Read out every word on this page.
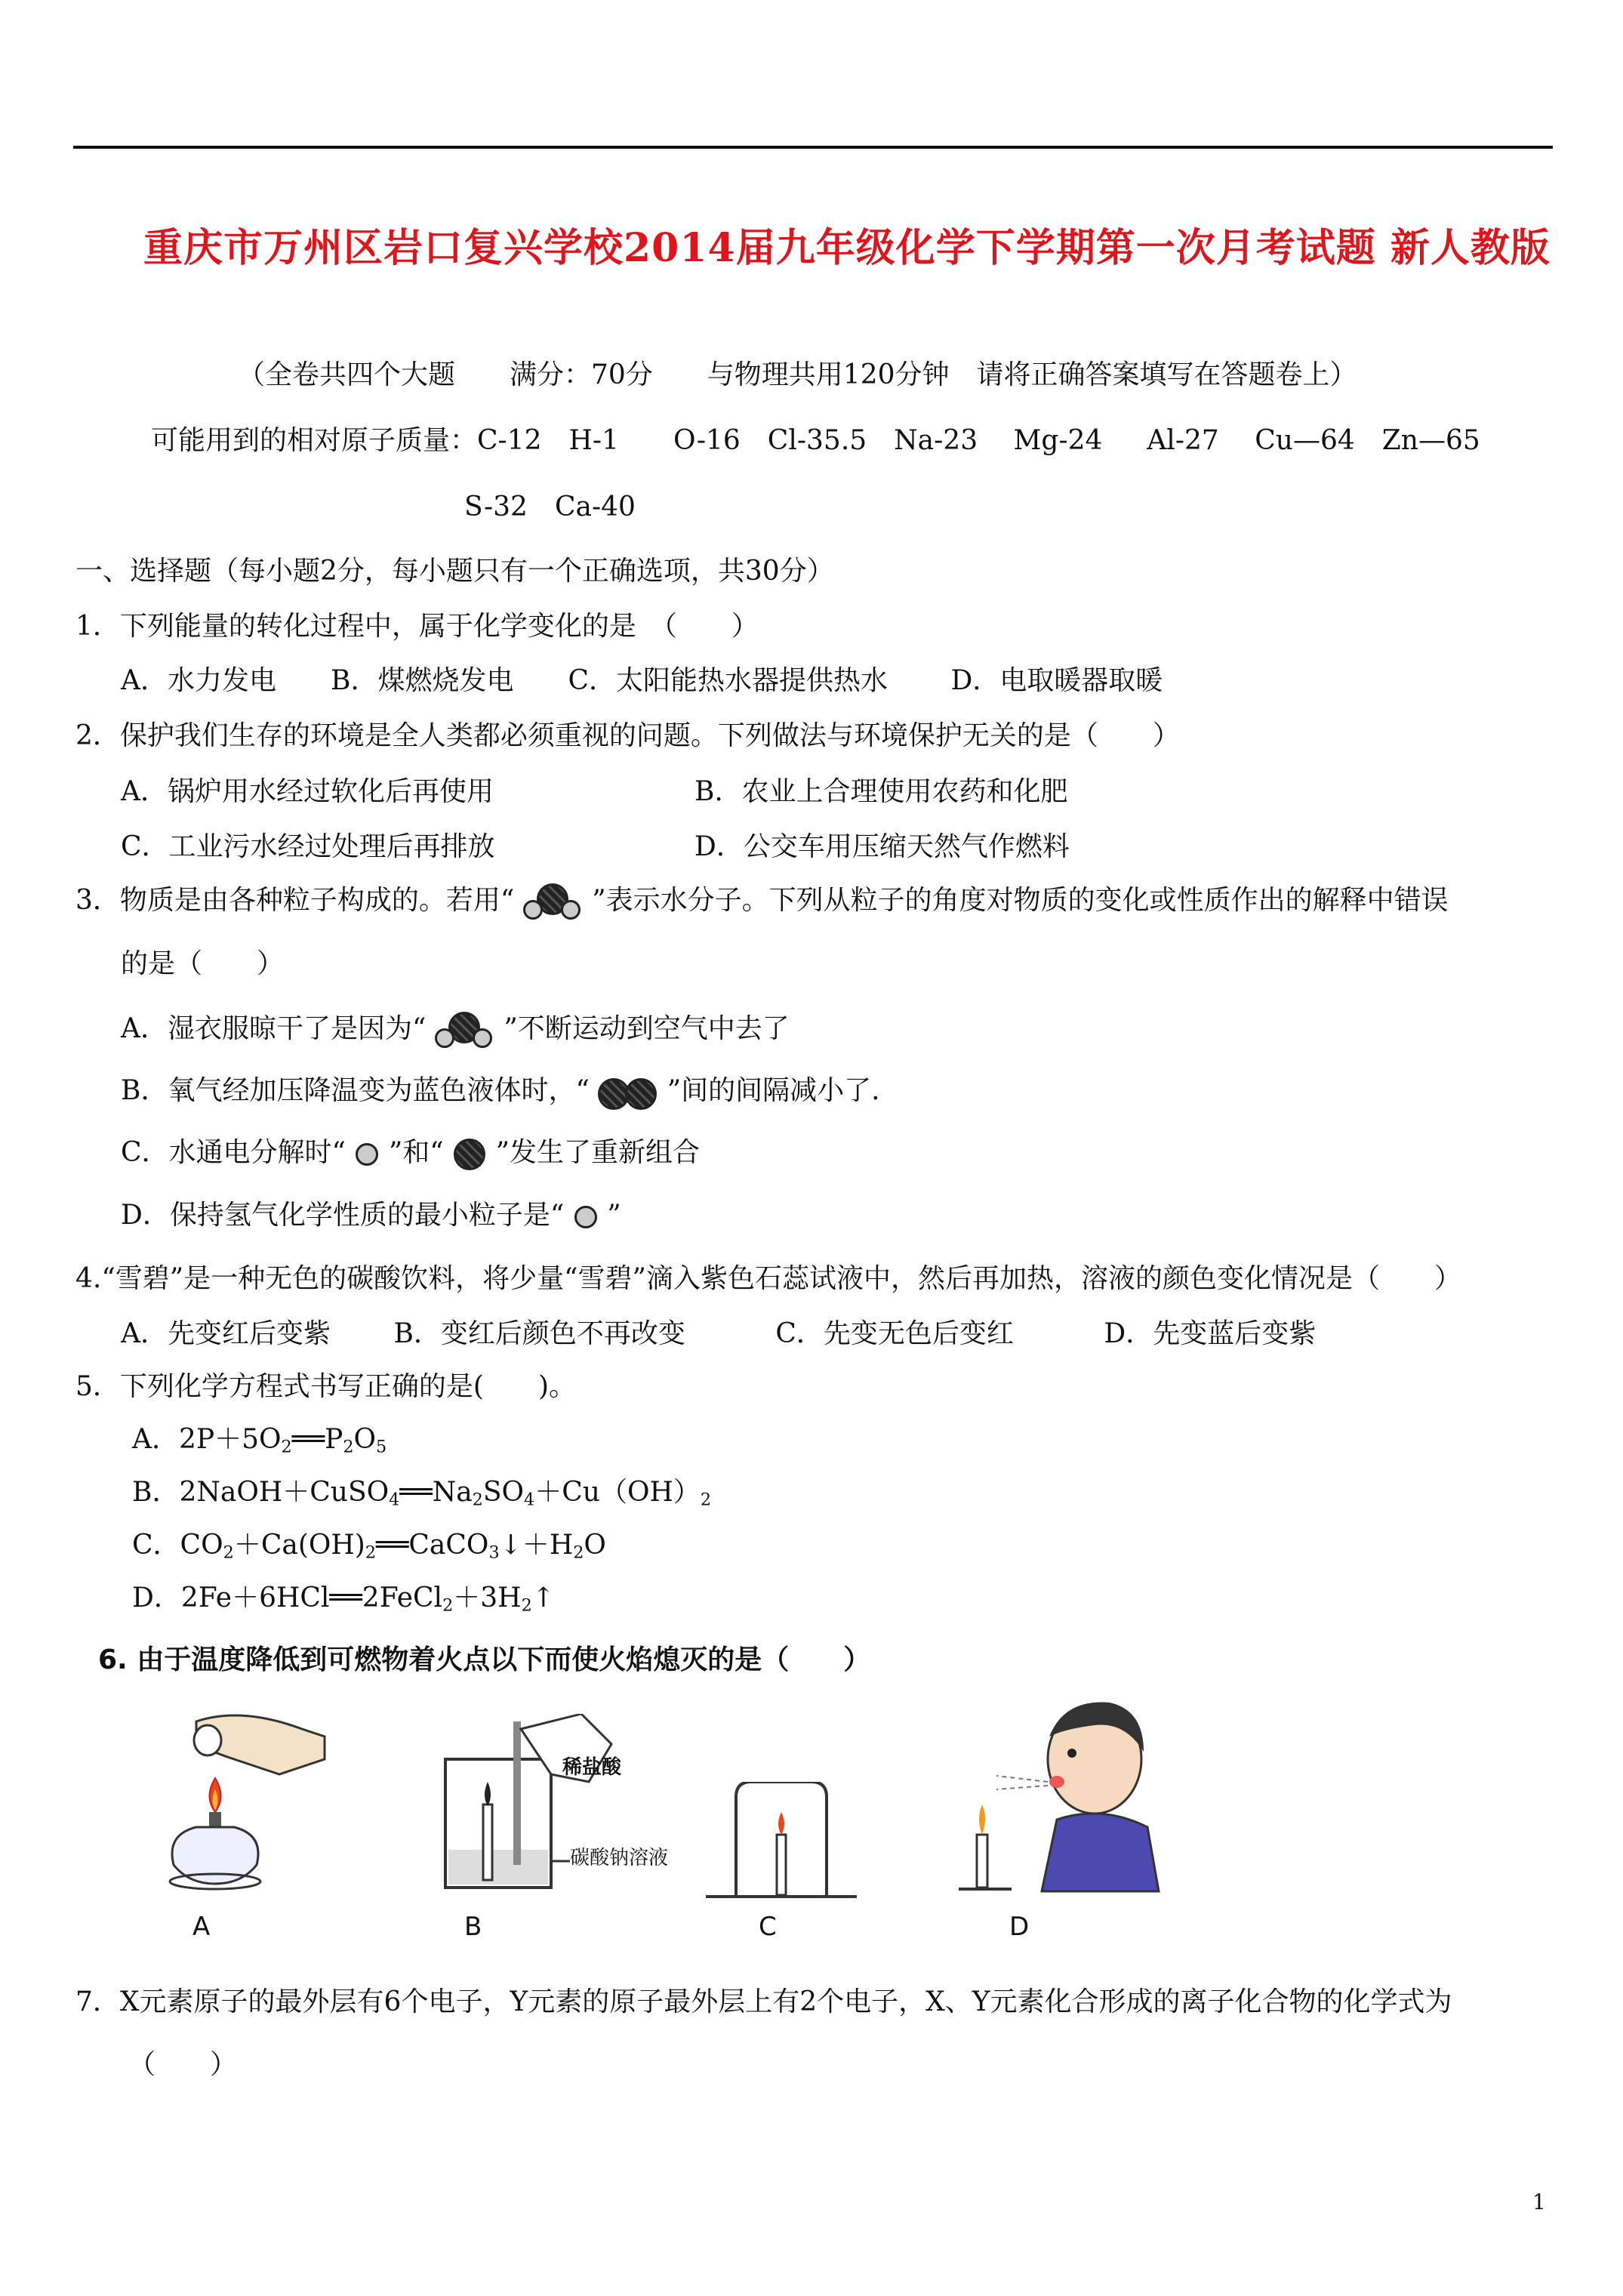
重庆市万州区岩口复兴学校2014届九年级化学下学期第一次月考试题 新人教版
（全卷共四个大题　　满分：70分　　与物理共用120分钟　请将正确答案填写在答题卷上）
可能用到的相对原子质量：C-12　H-1　　O-16　Cl-35.5　Na-23　 Mg-24 　 Al-27　 Cu—64　Zn—65
S-32　Ca-40
一、选择题（每小题2分，每小题只有一个正确选项，共30分）
1．下列能量的转化过程中，属于化学变化的是　（　　）
A．水力发电　　B．煤燃烧发电　　C．太阳能热水器提供热水　　 D．电取暖器取暖
2．保护我们生存的环境是全人类都必须重视的问题。下列做法与环境保护无关的是（　　）
A．锅炉用水经过软化后再使用	B．农业上合理使用农药和化肥
C．工业污水经过处理后再排放	D．公交车用压缩天然气作燃料
3．物质是由各种粒子构成的。若用“	”表示水分子。下列从粒子的角度对物质的变化或性质作出的解释中错误
的是（　　）
A．湿衣服晾干了是因为“	”不断运动到空气中去了
B．氧气经加压降温变为蓝色液体时，“	”间的间隔减小了.
C．水通电分解时“ ”和“ ”发生了重新组合
D．保持氢气化学性质的最小粒子是“ ”
4.“雪碧”是一种无色的碳酸饮料，将少量“雪碧”滴入紫色石蕊试液中，然后再加热，溶液的颜色变化情况是（　　）
A．先变红后变紫　　 B．变红后颜色不再改变　　　 C．先变无色后变红　　　 D．先变蓝后变紫
5．下列化学方程式书写正确的是(　　)。
A．$2P+5O_2══P_2O_5$
B．$2NaOH+CuSO_4══Na_2SO_4+Cu(OH)_2$
C．$CO_2+Ca(OH)_2══CaCO_3↓+H_2O$
D．$2Fe+6HCl══2FeCl_2+3H_2↑$
6. 由于温度降低到可燃物着火点以下而使火焰熄灭的是（　　）
A
稀盐酸
碳酸钠溶液
B	C	D
7．X元素原子的最外层有6个电子，Y元素的原子最外层上有2个电子，X、Y元素化合形成的离子化合物的化学式为
（　　）
1
